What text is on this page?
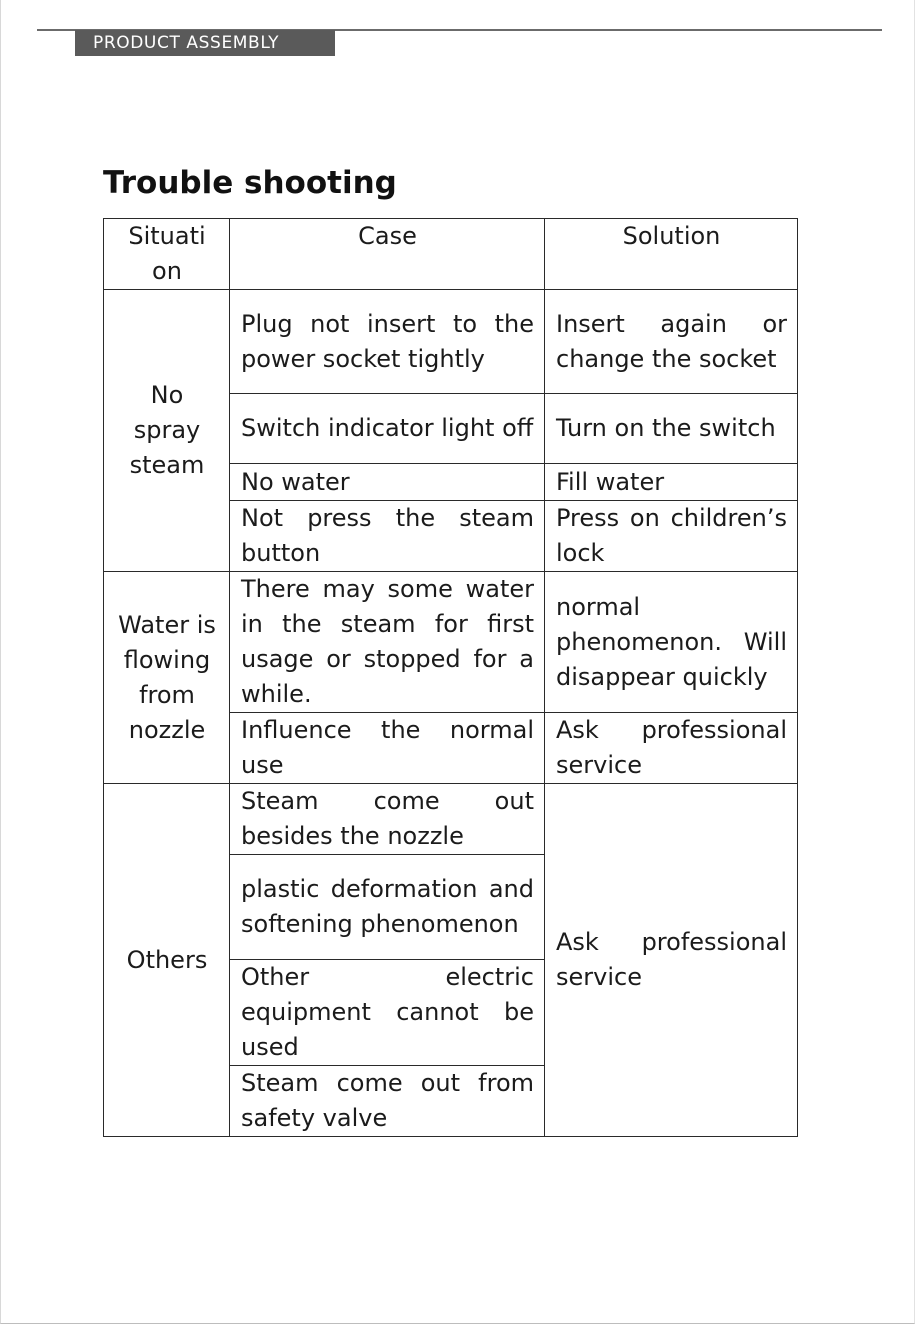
PRODUCT ASSEMBLY
Trouble shooting
Situati on	Case	Solution
No spray steam	Plug not insert to the power socket tightly	Insert again or change the socket
	Switch indicator light off	Turn on the switch
	No water	Fill water
	Not press the steam button	Press on children’s lock
Water is flowing from nozzle	There may some water in the steam for first usage or stopped for a while.	normal phenomenon. Will disappear quickly
	Influence the normal use	Ask professional service
Others	Steam come out besides the nozzle	Ask professional service
	plastic deformation and softening phenomenon	
	Other electric equipment cannot be used	
	Steam come out from safety valve	
